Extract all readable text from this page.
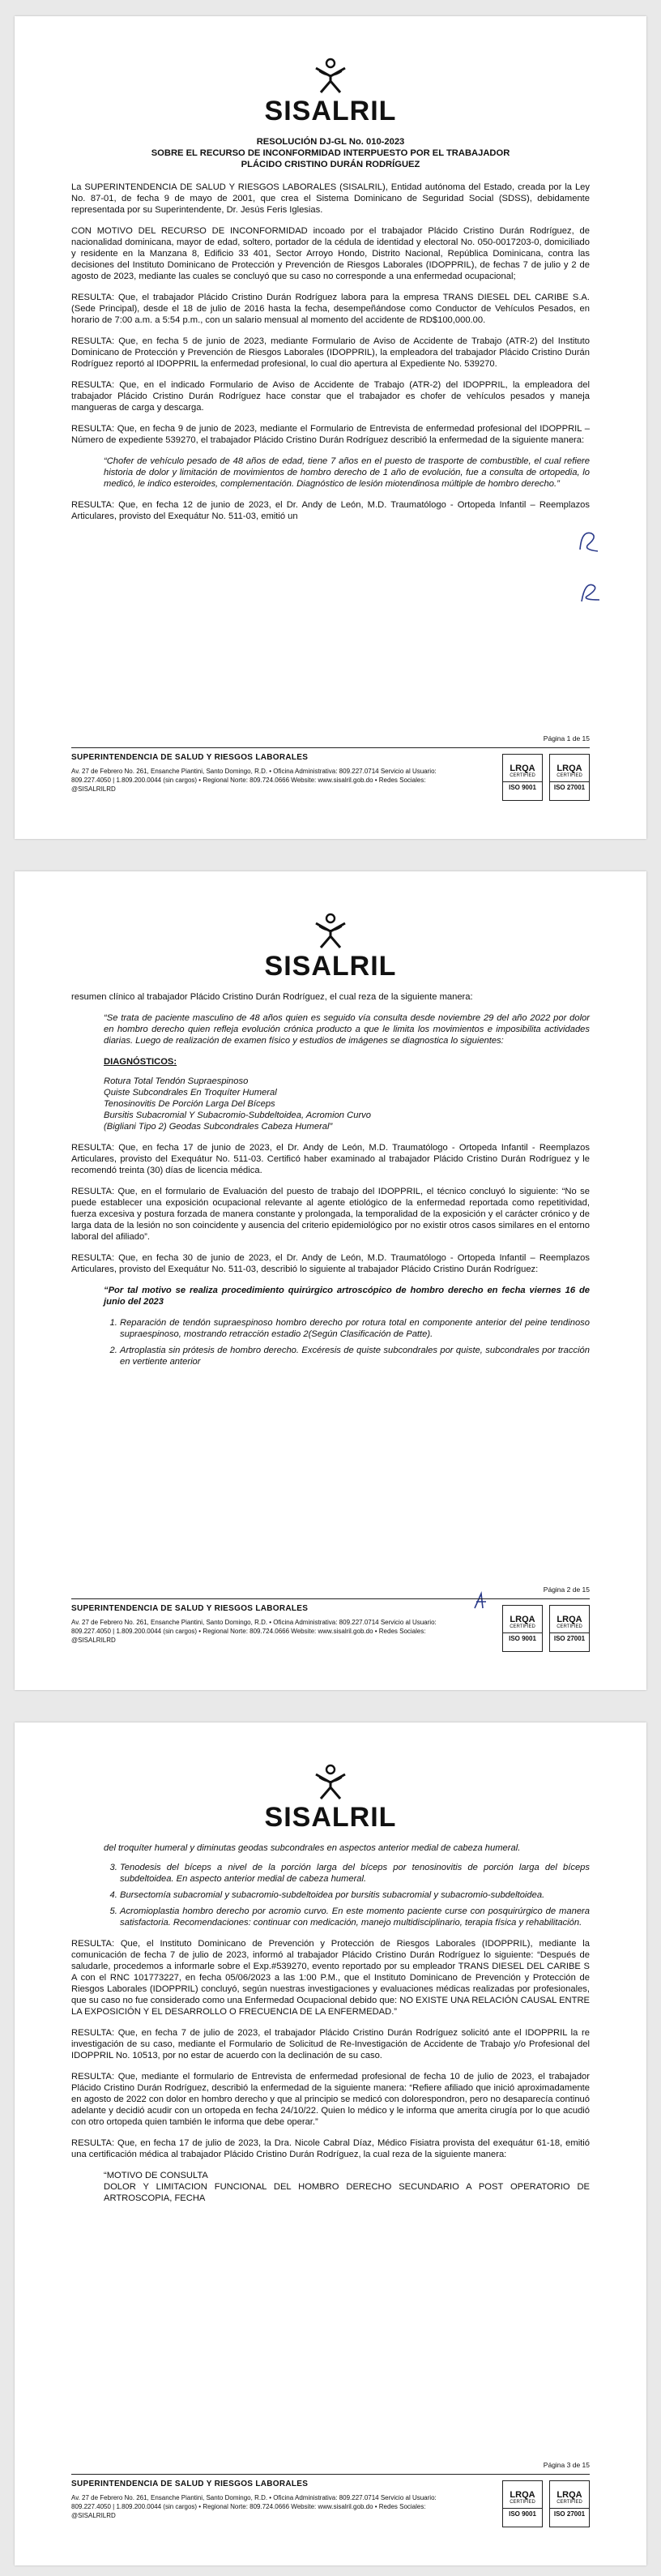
SISALRIL
RESOLUCIÓN DJ-GL No. 010-2023
SOBRE EL RECURSO DE INCONFORMIDAD INTERPUESTO POR EL TRABAJADOR
PLÁCIDO CRISTINO DURÁN RODRÍGUEZ

La SUPERINTENDENCIA DE SALUD Y RIESGOS LABORALES (SISALRIL), Entidad autónoma del Estado, creada por la Ley No. 87-01, de fecha 9 de mayo de 2001, que crea el Sistema Dominicano de Seguridad Social (SDSS), debidamente representada por su Superintendente, Dr. Jesús Feris Iglesias.

CON MOTIVO DEL RECURSO DE INCONFORMIDAD incoado por el trabajador Plácido Cristino Durán Rodríguez, de nacionalidad dominicana, mayor de edad, soltero, portador de la cédula de identidad y electoral No. 050-0017203-0, domiciliado y residente en la Manzana 8, Edificio 33 401, Sector Arroyo Hondo, Distrito Nacional, República Dominicana, contra las decisiones del Instituto Dominicano de Protección y Prevención de Riesgos Laborales (IDOPPRIL), de fechas 7 de julio y 2 de agosto de 2023, mediante las cuales se concluyó que su caso no corresponde a una enfermedad ocupacional;

RESULTA: Que, el trabajador Plácido Cristino Durán Rodríguez labora para la empresa TRANS DIESEL DEL CARIBE S.A. (Sede Principal), desde el 18 de julio de 2016 hasta la fecha, desempeñándose como Conductor de Vehículos Pesados, en horario de 7:00 a.m. a 5:54 p.m., con un salario mensual al momento del accidente de RD$100,000.00.

RESULTA: Que, en fecha 5 de junio de 2023, mediante Formulario de Aviso de Accidente de Trabajo (ATR-2) del Instituto Dominicano de Protección y Prevención de Riesgos Laborales (IDOPPRIL), la empleadora del trabajador Plácido Cristino Durán Rodríguez reportó al IDOPPRIL la enfermedad profesional, lo cual dio apertura al Expediente No. 539270.

RESULTA: Que, en el indicado Formulario de Aviso de Accidente de Trabajo (ATR-2) del IDOPPRIL, la empleadora del trabajador Plácido Cristino Durán Rodríguez hace constar que el trabajador es chofer de vehículos pesados y maneja mangueras de carga y descarga.

RESULTA: Que, en fecha 9 de junio de 2023, mediante el Formulario de Entrevista de enfermedad profesional del IDOPPRIL – Número de expediente 539270, el trabajador Plácido Cristino Durán Rodríguez describió la enfermedad de la siguiente manera:

“Chofer de vehículo pesado de 48 años de edad, tiene 7 años en el puesto de trasporte de combustible, el cual refiere historia de dolor y limitación de movimientos de hombro derecho de 1 año de evolución, fue a consulta de ortopedia, lo medicó, le indico esteroides, complementación. Diagnóstico de lesión miotendinosa múltiple de hombro derecho.”

RESULTA: Que, en fecha 12 de junio de 2023, el Dr. Andy de León, M.D. Traumatólogo - Ortopeda Infantil – Reemplazos Articulares, provisto del Exequátur No. 511-03, emitió un

Página 1 de 15
SUPERINTENDENCIA DE SALUD Y RIESGOS LABORALES
Av. 27 de Febrero No. 261, Ensanche Piantini, Santo Domingo, R.D. • Oficina Administrativa: 809.227.0714 Servicio al Usuario: 809.227.4050 | 1.809.200.0044 (sin cargos) • Regional Norte: 809.724.0666 Website: www.sisalril.gob.do • Redes Sociales: @SISALRILRD
LRQA
CERTIFIED
ISO 9001
LRQA
CERTIFIED
ISO 27001
SISALRIL

resumen clínico al trabajador Plácido Cristino Durán Rodríguez, el cual reza de la siguiente manera:

“Se trata de paciente masculino de 48 años quien es seguido vía consulta desde noviembre 29 del año 2022 por dolor en hombro derecho quien refleja evolución crónica producto a que le limita los movimientos e imposibilita actividades diarias. Luego de realización de examen físico y estudios de imágenes se diagnostica lo siguientes:
DIAGNÓSTICOS:
Rotura Total Tendón Supraespinoso
Quiste Subcondrales En Troquíter Humeral
Tenosinovitis De Porción Larga Del Bíceps
Bursitis Subacromial Y Subacromio-Subdeltoidea, Acromion Curvo
(Bigliani Tipo 2) Geodas Subcondrales Cabeza Humeral”

RESULTA: Que, en fecha 17 de junio de 2023, el Dr. Andy de León, M.D. Traumatólogo - Ortopeda Infantil - Reemplazos Articulares, provisto del Exequátur No. 511-03. Certificó haber examinado al trabajador Plácido Cristino Durán Rodríguez y le recomendó treinta (30) días de licencia médica.

RESULTA: Que, en el formulario de Evaluación del puesto de trabajo del IDOPPRIL, el técnico concluyó lo siguiente: “No se puede establecer una exposición ocupacional relevante al agente etiológico de la enfermedad reportada como repetitividad, fuerza excesiva y postura forzada de manera constante y prolongada, la temporalidad de la exposición y el carácter crónico y de larga data de la lesión no son coincidente y ausencia del criterio epidemiológico por no existir otros casos similares en el entorno laboral del afiliado”.

RESULTA: Que, en fecha 30 de junio de 2023, el Dr. Andy de León, M.D. Traumatólogo - Ortopeda Infantil – Reemplazos Articulares, provisto del Exequátur No. 511-03, describió lo siguiente al trabajador Plácido Cristino Durán Rodríguez:

“Por tal motivo se realiza procedimiento quirúrgico artroscópico de hombro derecho en fecha viernes 16 de junio del 2023

1. Reparación de tendón supraespinoso hombro derecho por rotura total en componente anterior del peine tendinoso supraespinoso, mostrando retracción estadio 2(Según Clasificación de Patte).
2. Artroplastia sin prótesis de hombro derecho. Excéresis de quiste subcondrales por quiste, subcondrales por tracción en vertiente anterior
Página 2 de 15
SUPERINTENDENCIA DE SALUD Y RIESGOS LABORALES
Av. 27 de Febrero No. 261, Ensanche Piantini, Santo Domingo, R.D. • Oficina Administrativa: 809.227.0714 Servicio al Usuario: 809.227.4050 | 1.809.200.0044 (sin cargos) • Regional Norte: 809.724.0666 Website: www.sisalril.gob.do • Redes Sociales: @SISALRILRD
LRQA
CERTIFIED
ISO 9001
LRQA
CERTIFIED
ISO 27001
SISALRIL
del troquíter humeral y diminutas geodas subcondrales en aspectos anterior medial de cabeza humeral.
3. Tenodesis del bíceps a nivel de la porción larga del bíceps por tenosinovitis de porción larga del bíceps subdeltoidea. En aspecto anterior medial de cabeza humeral.
4. Bursectomía subacromial y subacromio-subdeltoidea por bursitis subacromial y subacromio-subdeltoidea.
5. Acromioplastia hombro derecho por acromio curvo. En este momento paciente curse con posquirúrgico de manera satisfactoria. Recomendaciones: continuar con medicación, manejo multidisciplinario, terapia física y rehabilitación.

RESULTA: Que, el Instituto Dominicano de Prevención y Protección de Riesgos Laborales (IDOPPRIL), mediante la comunicación de fecha 7 de julio de 2023, informó al trabajador Plácido Cristino Durán Rodríguez lo siguiente: “Después de saludarle, procedemos a informarle sobre el Exp.#539270, evento reportado por su empleador TRANS DIESEL DEL CARIBE S A con el RNC 101773227, en fecha 05/06/2023 a las 1:00 P.M., que el Instituto Dominicano de Prevención y Protección de Riesgos Laborales (IDOPPRIL) concluyó, según nuestras investigaciones y evaluaciones médicas realizadas por profesionales, que su caso no fue considerado como una Enfermedad Ocupacional debido que: NO EXISTE UNA RELACIÓN CAUSAL ENTRE LA EXPOSICIÓN Y EL DESARROLLO O FRECUENCIA DE LA ENFERMEDAD.”

RESULTA: Que, en fecha 7 de julio de 2023, el trabajador Plácido Cristino Durán Rodríguez solicitó ante el IDOPPRIL la re investigación de su caso, mediante el Formulario de Solicitud de Re-Investigación de Accidente de Trabajo y/o Profesional del IDOPPRIL No. 10513, por no estar de acuerdo con la declinación de su caso.

RESULTA: Que, mediante el formulario de Entrevista de enfermedad profesional de fecha 10 de julio de 2023, el trabajador Plácido Cristino Durán Rodríguez, describió la enfermedad de la siguiente manera: “Refiere afiliado que inició aproximadamente en agosto de 2022 con dolor en hombro derecho y que al principio se medicó con dolorespondron, pero no desaparecía continuó adelante y decidió acudir con un ortopeda en fecha 24/10/22. Quien lo médico y le informa que amerita cirugía por lo que acudió con otro ortopeda quien también le informa que debe operar.”

RESULTA: Que, en fecha 17 de julio de 2023, la Dra. Nicole Cabral Díaz, Médico Fisiatra provista del exequátur 61-18, emitió una certificación médica al trabajador Plácido Cristino Durán Rodríguez, la cual reza de la siguiente manera:

“MOTIVO DE CONSULTA
DOLOR Y LIMITACION FUNCIONAL DEL HOMBRO DERECHO SECUNDARIO A POST OPERATORIO DE ARTROSCOPIA, FECHA
Página 3 de 15
SUPERINTENDENCIA DE SALUD Y RIESGOS LABORALES
Av. 27 de Febrero No. 261, Ensanche Piantini, Santo Domingo, R.D. • Oficina Administrativa: 809.227.0714 Servicio al Usuario: 809.227.4050 | 1.809.200.0044 (sin cargos) • Regional Norte: 809.724.0666 Website: www.sisalril.gob.do • Redes Sociales: @SISALRILRD
LRQA
CERTIFIED
ISO 9001
LRQA
CERTIFIED
ISO 27001
